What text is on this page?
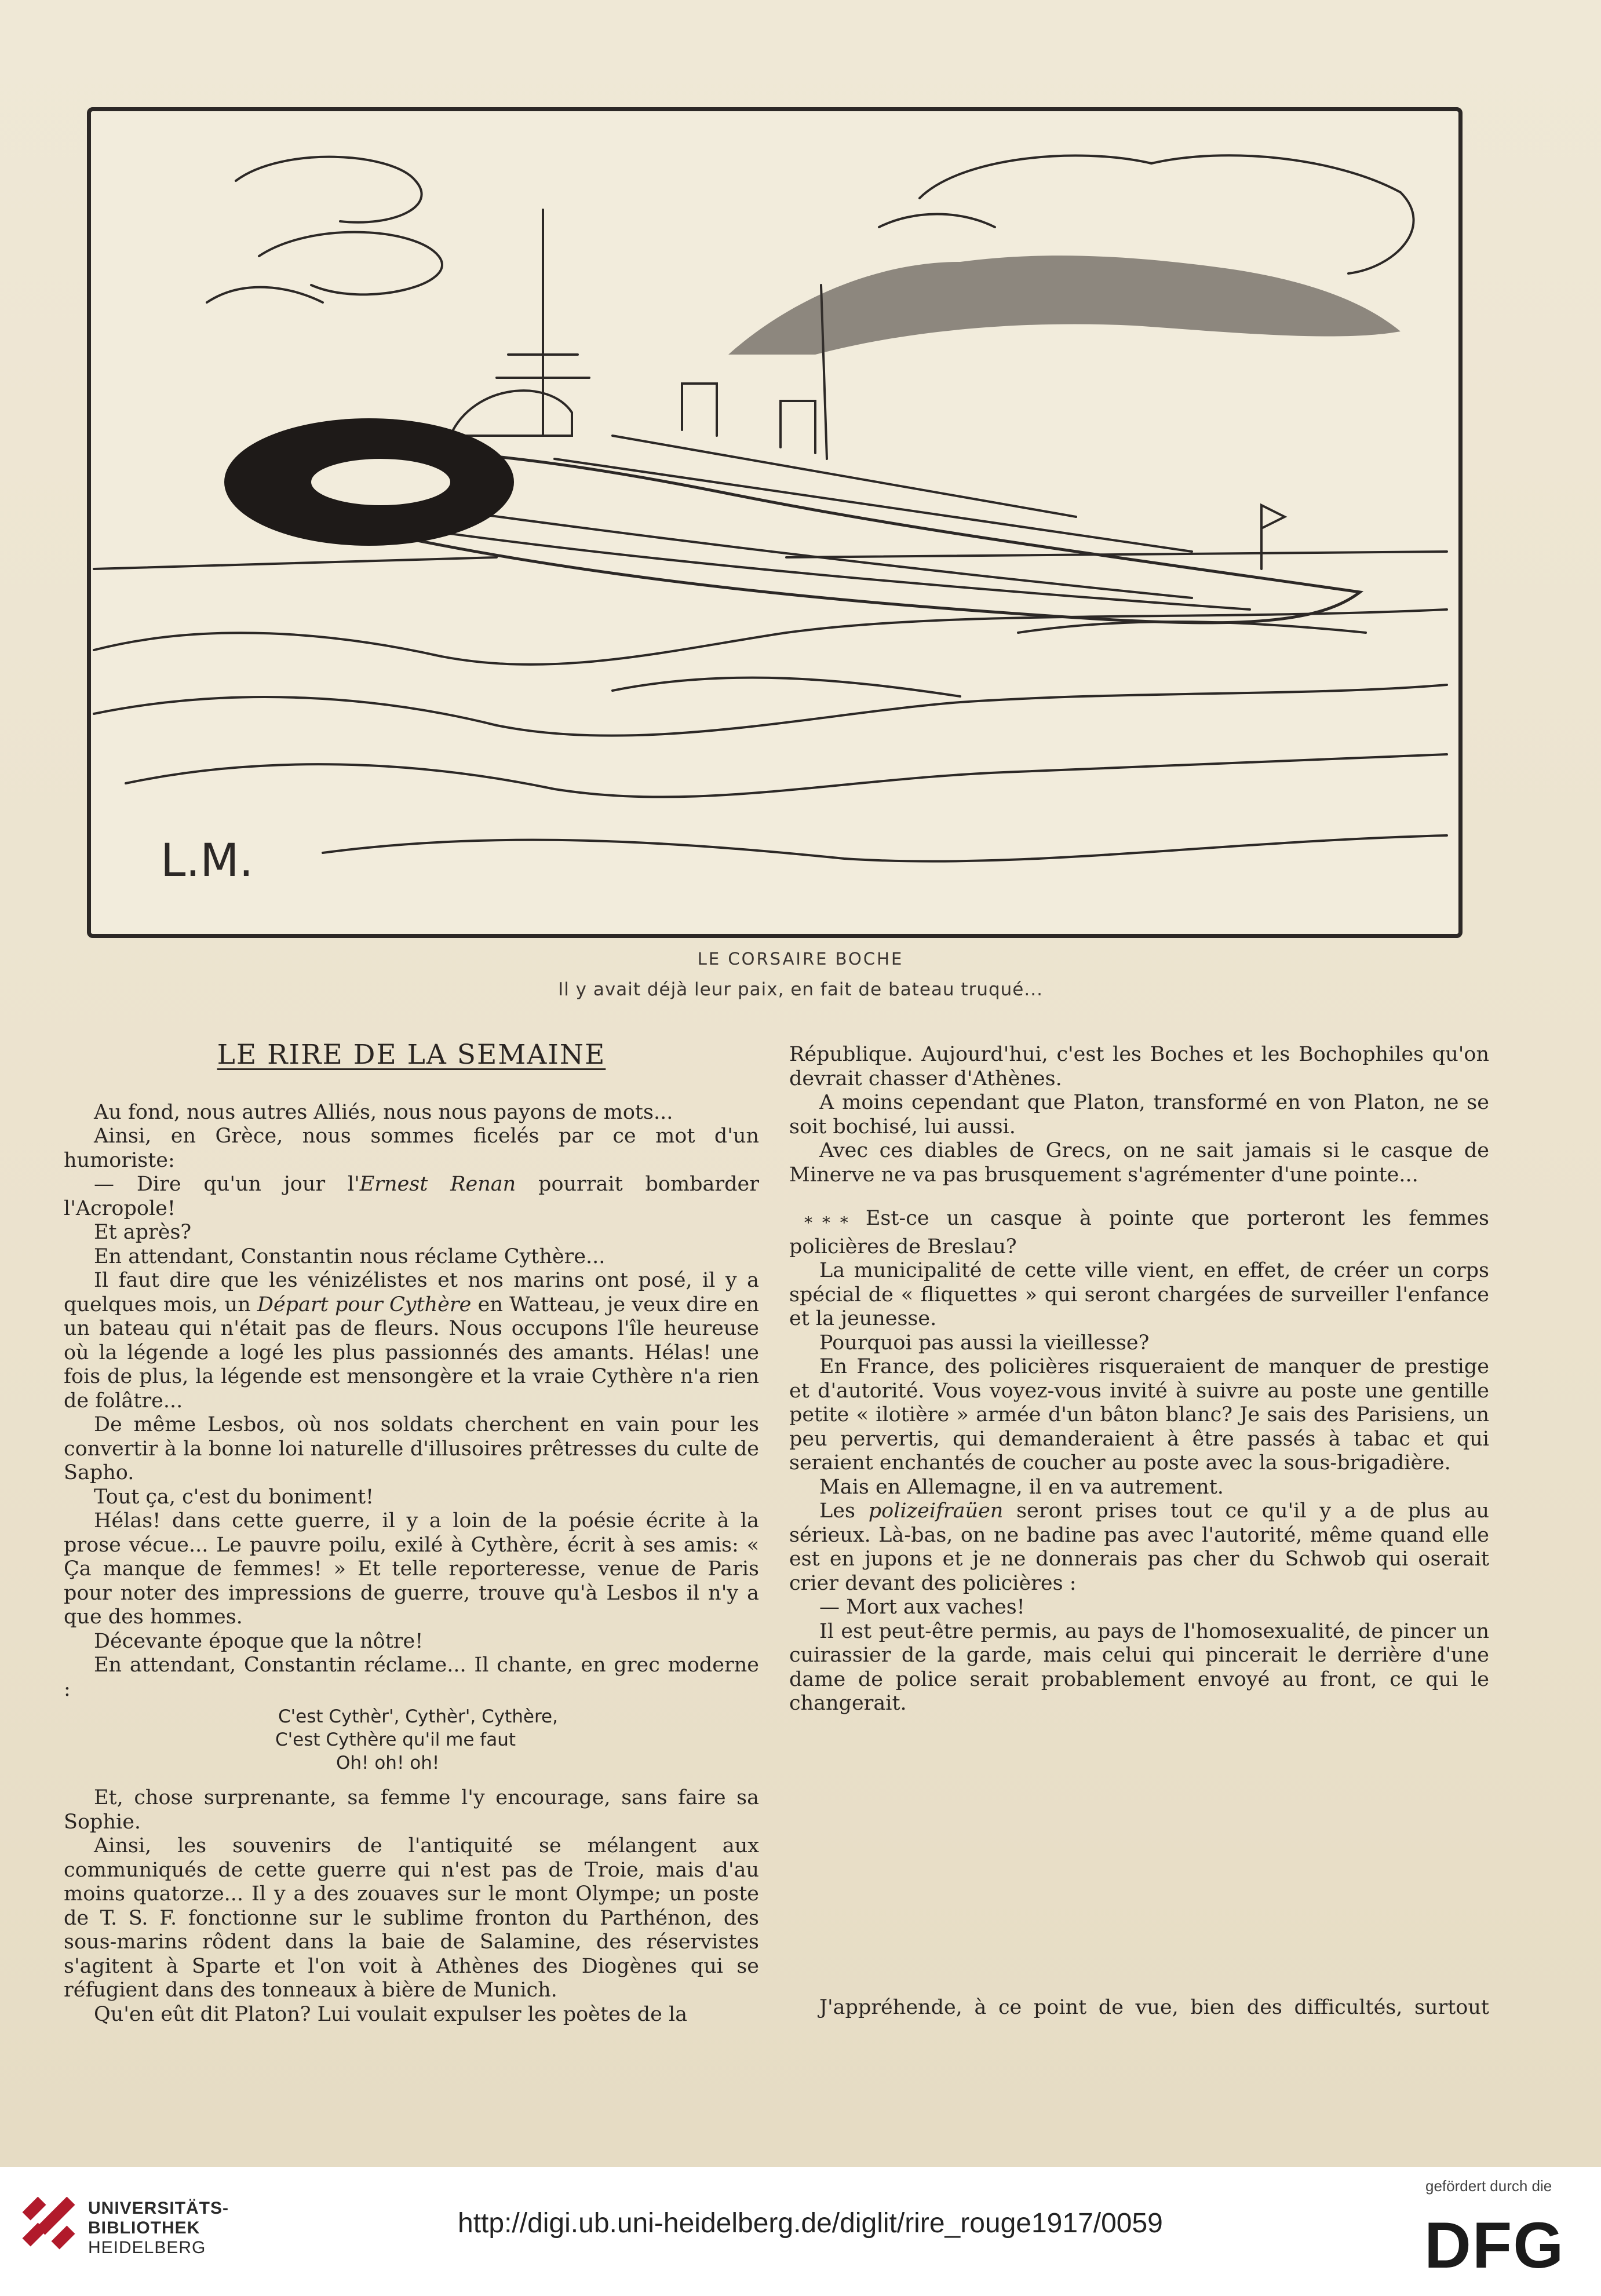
L.M.
LE CORSAIRE BOCHE
Il y avait déjà leur paix, en fait de bateau truqué...
LE RIRE DE LA SEMAINE

Au fond, nous autres Alliés, nous nous payons de mots...

Ainsi, en Grèce, nous sommes ficelés par ce mot d'un humoriste:

— Dire qu'un jour l'Ernest Renan pourrait bombarder l'Acropole!

Et après?

En attendant, Constantin nous réclame Cythère...

Il faut dire que les vénizélistes et nos marins ont posé, il y a quelques mois, un Départ pour Cythère en Watteau, je veux dire en un bateau qui n'était pas de fleurs. Nous occupons l'île heureuse où la légende a logé les plus passionnés des amants. Hélas! une fois de plus, la légende est mensongère et la vraie Cythère n'a rien de folâtre...

De même Lesbos, où nos soldats cherchent en vain pour les convertir à la bonne loi naturelle d'illusoires prêtresses du culte de Sapho.

Tout ça, c'est du boniment!

Hélas! dans cette guerre, il y a loin de la poésie écrite à la prose vécue... Le pauvre poilu, exilé à Cythère, écrit à ses amis: « Ça manque de femmes! » Et telle reporteresse, venue de Paris pour noter des impressions de guerre, trouve qu'à Lesbos il n'y a que des hommes.

Décevante époque que la nôtre!

En attendant, Constantin réclame... Il chante, en grec moderne :

C'est Cythèr', Cythèr', Cythère,
C'est Cythère qu'il me faut
Oh! oh! oh!

Et, chose surprenante, sa femme l'y encourage, sans faire sa Sophie.

Ainsi, les souvenirs de l'antiquité se mélangent aux communiqués de cette guerre qui n'est pas de Troie, mais d'au moins quatorze... Il y a des zouaves sur le mont Olympe; un poste de T. S. F. fonctionne sur le sublime fronton du Parthénon, des sous-marins rôdent dans la baie de Salamine, des réservistes s'agitent à Sparte et l'on voit à Athènes des Diogènes qui se réfugient dans des tonneaux à bière de Munich.

Qu'en eût dit Platon? Lui voulait expulser les poètes de la

République. Aujourd'hui, c'est les Boches et les Bochophiles qu'on devrait chasser d'Athènes.

A moins cependant que Platon, transformé en von Platon, ne se soit bochisé, lui aussi.

Avec ces diables de Grecs, on ne sait jamais si le casque de Minerve ne va pas brusquement s'agrémenter d'une pointe...

* * * Est-ce un casque à pointe que porteront les femmes policières de Breslau?

La municipalité de cette ville vient, en effet, de créer un corps spécial de « fliquettes » qui seront chargées de surveiller l'enfance et la jeunesse.

Pourquoi pas aussi la vieillesse?

En France, des policières risqueraient de manquer de prestige et d'autorité. Vous voyez-vous invité à suivre au poste une gentille petite « ilotière » armée d'un bâton blanc? Je sais des Parisiens, un peu pervertis, qui demanderaient à être passés à tabac et qui seraient enchantés de coucher au poste avec la sous-brigadière.

Mais en Allemagne, il en va autrement.

Les polizeifraüen seront prises tout ce qu'il y a de plus au sérieux. Là-bas, on ne badine pas avec l'autorité, même quand elle est en jupons et je ne donnerais pas cher du Schwob qui oserait crier devant des policières :

— Mort aux vaches!

Il est peut-être permis, au pays de l'homosexualité, de pincer un cuirassier de la garde, mais celui qui pincerait le derrière d'une dame de police serait probablement envoyé au front, ce qui le changerait.

J'appréhende, à ce point de vue, bien des difficultés, surtout
UNIVERSITÄTS-
BIBLIOTHEK
HEIDELBERG
http://digi.ub.uni-heidelberg.de/diglit/rire_rouge1917/0059
gefördert durch die
DFG
